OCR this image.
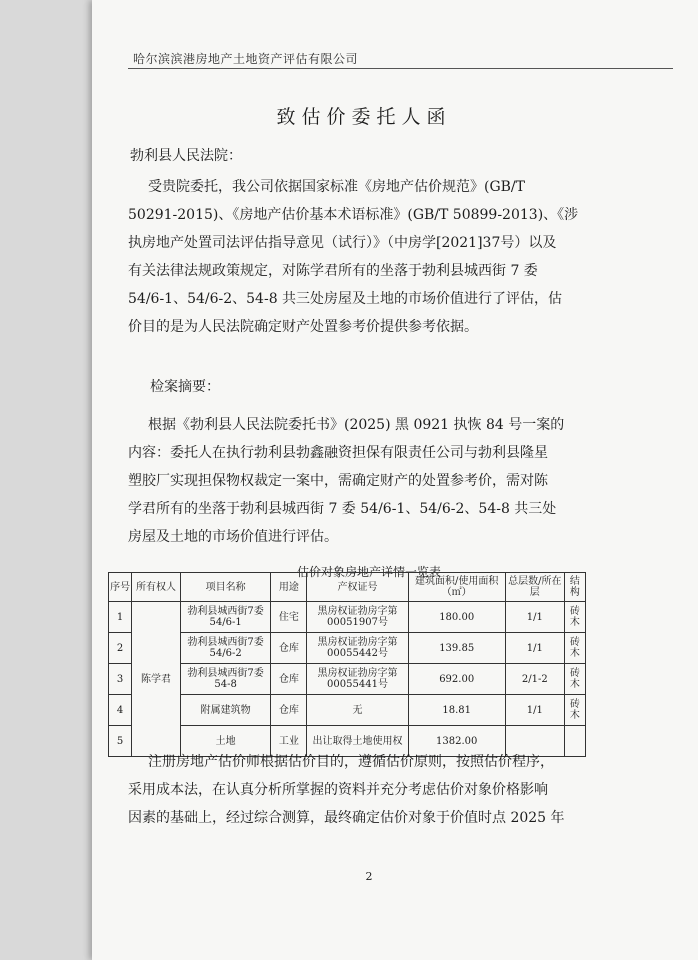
哈尔滨滨港房地产土地资产评估有限公司
致估价委托人函

勃利县人民法院：

受贵院委托，我公司依据国家标准《房地产估价规范》(GB/T
50291-2015)、《房地产估价基本术语标准》(GB/T 50899-2013)、《涉
执房地产处置司法评估指导意见（试行）》（中房学[2021]37号）以及
有关法律法规政策规定，对陈学君所有的坐落于勃利县城西街 7 委
54/6-1、54/6-2、54-8 共三处房屋及土地的市场价值进行了评估，估
价目的是为人民法院确定财产处置参考价提供参考依据。

检案摘要：

根据《勃利县人民法院委托书》(2025) 黑 0921 执恢 84 号一案的
内容：委托人在执行勃利县勃鑫融资担保有限责任公司与勃利县隆星
塑胶厂实现担保物权裁定一案中，需确定财产的处置参考价，需对陈
学君所有的坐落于勃利县城西街 7 委 54/6-1、54/6-2、54-8 共三处
房屋及土地的市场价值进行评估。

估价对象房地产详情一览表
序号	所有权人	项目名称	用途	产权证号	建筑面积/使用面积（㎡）	总层数/所在层	结构
1	陈学君	勃利县城西街7委54/6-1	住宅	黑房权证勃房字第00051907号	180.00	1/1	砖木
2		勃利县城西街7委54/6-2	仓库	黑房权证勃房字第00055442号	139.85	1/1	砖木
3		勃利县城西街7委54-8	仓库	黑房权证勃房字第00055441号	692.00	2/1-2	砖木
4		附属建筑物	仓库	无	18.81	1/1	砖木
5		土地	工业	出让取得土地使用权	1382.00		

注册房地产估价师根据估价目的，遵循估价原则，按照估价程序，
采用成本法，在认真分析所掌握的资料并充分考虑估价对象价格影响
因素的基础上，经过综合测算，最终确定估价对象于价值时点 2025 年

2
